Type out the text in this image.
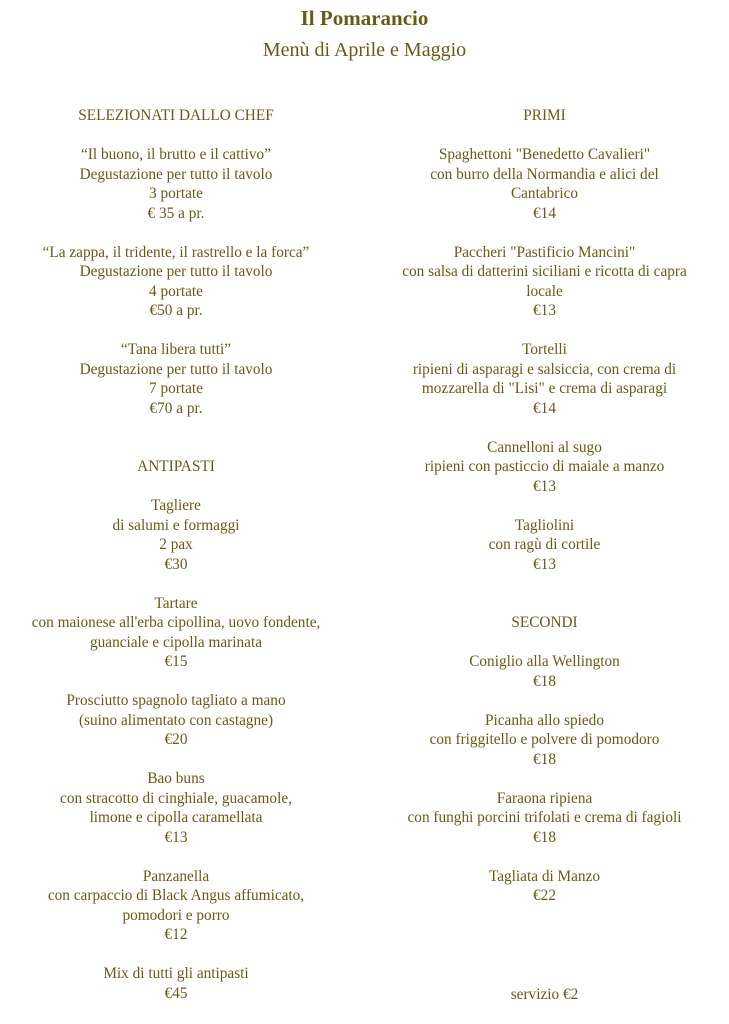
Il Pomarancio
Menù di Aprile e Maggio
SELEZIONATI DALLO CHEF
“Il buono, il brutto e il cattivo”
Degustazione per tutto il tavolo
3 portate
€ 35 a pr.
“La zappa, il tridente, il rastrello e la forca”
Degustazione per tutto il tavolo
4 portate
€50 a pr.
“Tana libera tutti”
Degustazione per tutto il tavolo
7 portate
€70 a pr.
ANTIPASTI
Tagliere
di salumi e formaggi
2 pax
€30
Tartare
con maionese all'erba cipollina, uovo fondente,
guanciale e cipolla marinata
€15
Prosciutto spagnolo tagliato a mano
(suino alimentato con castagne)
€20
Bao buns
con stracotto di cinghiale, guacamole,
limone e cipolla caramellata
€13
Panzanella
con carpaccio di Black Angus affumicato,
pomodori e porro
€12
Mix di tutti gli antipasti
€45
PRIMI
Spaghettoni "Benedetto Cavalieri"
con burro della Normandia e alici del
Cantabrico
€14
Paccheri "Pastificio Mancini"
con salsa di datterini siciliani e ricotta di capra
locale
€13
Tortelli
ripieni di asparagi e salsiccia, con crema di
mozzarella di "Lisi" e crema di asparagi
€14
Cannelloni al sugo
ripieni con pasticcio di maiale a manzo
€13
Tagliolini
con ragù di cortile
€13
SECONDI
Coniglio alla Wellington
€18
Picanha allo spiedo
con friggitello e polvere di pomodoro
€18
Faraona ripiena
con funghi porcini trifolati e crema di fagioli
€18
Tagliata di Manzo
€22
servizio €2
